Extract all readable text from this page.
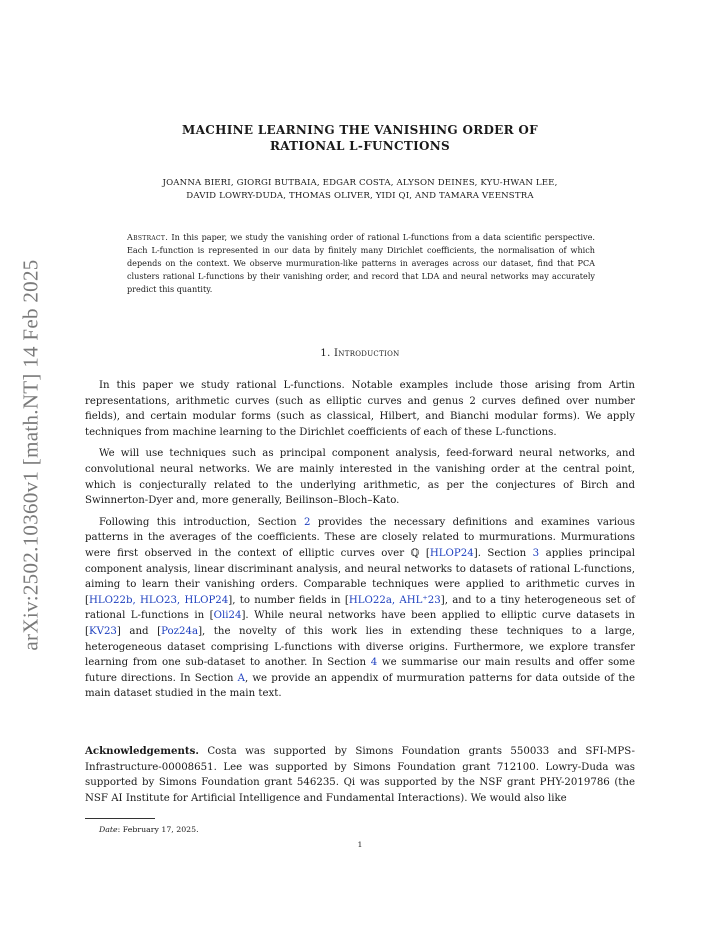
arXiv:2502.10360v1 [math.NT] 14 Feb 2025
MACHINE LEARNING THE VANISHING ORDER OF
RATIONAL L-FUNCTIONS
JOANNA BIERI, GIORGI BUTBAIA, EDGAR COSTA, ALYSON DEINES, KYU-HWAN LEE,
DAVID LOWRY-DUDA, THOMAS OLIVER, YIDI QI, AND TAMARA VEENSTRA
Abstract. In this paper, we study the vanishing order of rational L-functions from a data scientific perspective. Each L-function is represented in our data by finitely many Dirichlet coefficients, the normalisation of which depends on the context. We observe murmuration-like patterns in averages across our dataset, find that PCA clusters rational L-functions by their vanishing order, and record that LDA and neural networks may accurately predict this quantity.
1. Introduction

In this paper we study rational L-functions. Notable examples include those arising from Artin representations, arithmetic curves (such as elliptic curves and genus 2 curves defined over number fields), and certain modular forms (such as classical, Hilbert, and Bianchi modular forms). We apply techniques from machine learning to the Dirichlet coefficients of each of these L-functions.

We will use techniques such as principal component analysis, feed-forward neural networks, and convolutional neural networks. We are mainly interested in the vanishing order at the central point, which is conjecturally related to the underlying arithmetic, as per the conjectures of Birch and Swinnerton-Dyer and, more generally, Beilinson–Bloch–Kato.

Following this introduction, Section 2 provides the necessary definitions and examines various patterns in the averages of the coefficients. These are closely related to murmurations. Murmurations were first observed in the context of elliptic curves over ℚ [HLOP24]. Section 3 applies principal component analysis, linear discriminant analysis, and neural networks to datasets of rational L-functions, aiming to learn their vanishing orders. Comparable techniques were applied to arithmetic curves in [HLO22b, HLO23, HLOP24], to number fields in [HLO22a, AHL⁺23], and to a tiny heterogeneous set of rational L-functions in [Oli24]. While neural networks have been applied to elliptic curve datasets in [KV23] and [Poz24a], the novelty of this work lies in extending these techniques to a large, heterogeneous dataset comprising L-functions with diverse origins. Furthermore, we explore transfer learning from one sub-dataset to another. In Section 4 we summarise our main results and offer some future directions. In Section A, we provide an appendix of murmuration patterns for data outside of the main dataset studied in the main text.

Acknowledgements. Costa was supported by Simons Foundation grants 550033 and SFI-MPS-Infrastructure-00008651. Lee was supported by Simons Foundation grant 712100. Lowry-Duda was supported by Simons Foundation grant 546235. Qi was supported by the NSF grant PHY-2019786 (the NSF AI Institute for Artificial Intelligence and Fundamental Interactions). We would also like

Date: February 17, 2025.
1
